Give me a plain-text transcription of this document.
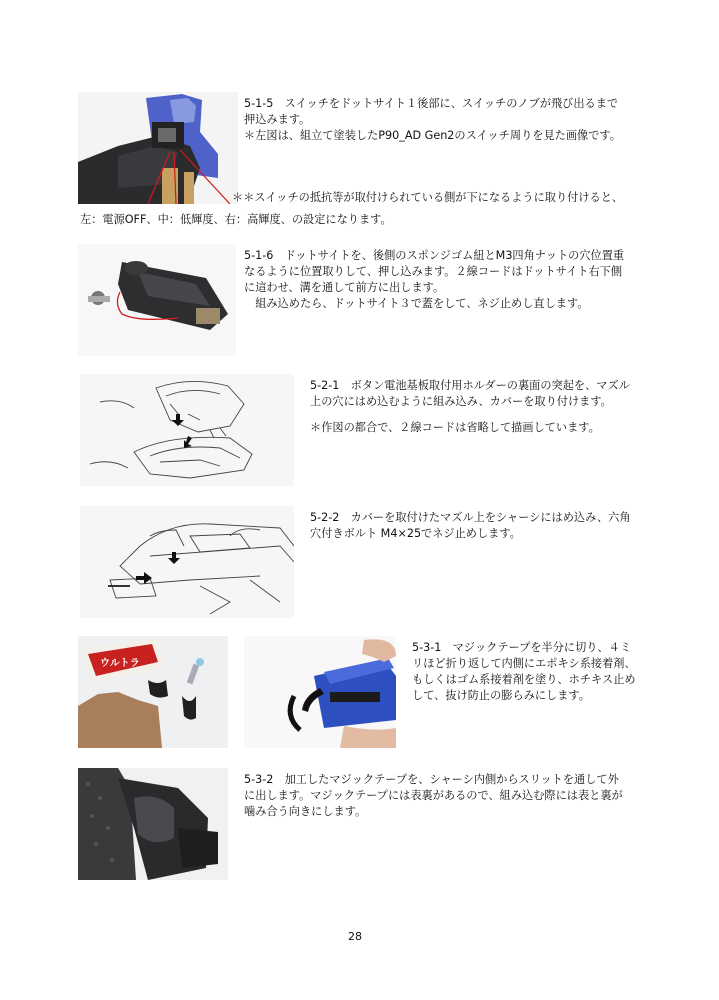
5-1-5　スイッチをドットサイト１後部に、スイッチのノブが飛び出るまで
押込みます。
＊左図は、組立て塗装したP90_AD Gen2のスイッチ周りを見た画像です。
＊＊スイッチの抵抗等が取付けられている側が下になるように取り付けると、
左：電源OFF、中：低輝度、右：高輝度、の設定になります。
5-1-6　ドットサイトを、後側のスポンジゴム紐とM3四角ナットの穴位置重
なるように位置取りして、押し込みます。２線コードはドットサイト右下側
に這わせ、溝を通して前方に出します。
　組み込めたら、ドットサイト３で蓋をして、ネジ止めし直します。
5-2-1　ボタン電池基板取付用ホルダーの裏面の突起を、マズル
上の穴にはめ込むように組み込み、カバーを取り付けます。
＊作図の都合で、２線コードは省略して描画しています。
5-2-2　カバーを取付けたマズル上をシャーシにはめ込み、六角
穴付きボルト M4×25でネジ止めします。
ウルトラ
5-3-1　マジックテープを半分に切り、４ミ
リほど折り返して内側にエポキシ系接着剤、
もしくはゴム系接着剤を塗り、ホチキス止め
して、抜け防止の膨らみにします。
5-3-2　加工したマジックテープを、シャーシ内側からスリットを通して外
に出します。マジックテープには表裏があるので、組み込む際には表と裏が
噛み合う向きにします。
28
